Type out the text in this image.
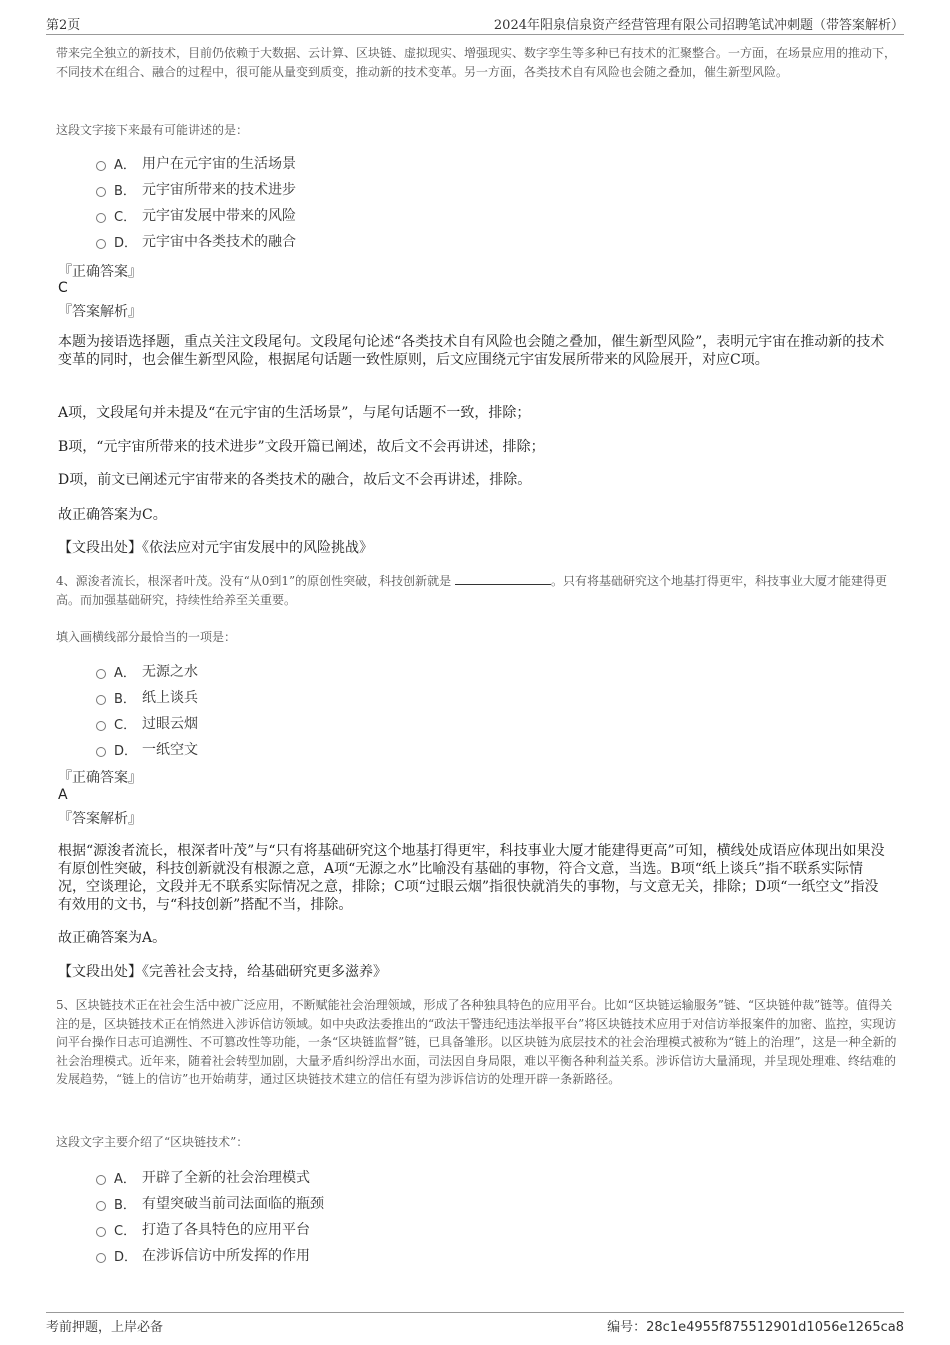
第2页	2024年阳泉信泉资产经营管理有限公司招聘笔试冲刺题（带答案解析）

带来完全独立的新技术，目前仍依赖于大数据、云计算、区块链、虚拟现实、增强现实、数字孪生等多种已有技术的汇聚整合。一方面，在场景应用的推动下，不同技术在组合、融合的过程中，很可能从量变到质变，推动新的技术变革。另一方面，各类技术自有风险也会随之叠加，催生新型风险。

这段文字接下来最有可能讲述的是：

A． 用户在元宇宙的生活场景
B． 元宇宙所带来的技术进步
C． 元宇宙发展中带来的风险
D． 元宇宙中各类技术的融合

『正确答案』

C

『答案解析』

本题为接语选择题，重点关注文段尾句。文段尾句论述“各类技术自有风险也会随之叠加，催生新型风险”，表明元宇宙在推动新的技术变革的同时，也会催生新型风险，根据尾句话题一致性原则，后文应围绕元宇宙发展所带来的风险展开，对应C项。

A项，文段尾句并未提及“在元宇宙的生活场景”，与尾句话题不一致，排除；

B项，“元宇宙所带来的技术进步”文段开篇已阐述，故后文不会再讲述，排除；

D项，前文已阐述元宇宙带来的各类技术的融合，故后文不会再讲述，排除。

故正确答案为C。

【文段出处】《依法应对元宇宙发展中的风险挑战》

4、源浚者流长，根深者叶茂。没有“从0到1”的原创性突破，科技创新就是	。只有将基础研究这个地基打得更牢，科技事业大厦才能建得更高。而加强基础研究，持续性给养至关重要。

填入画横线部分最恰当的一项是：

A． 无源之水
B． 纸上谈兵
C． 过眼云烟
D． 一纸空文

『正确答案』

A

『答案解析』

根据“源浚者流长，根深者叶茂”与“只有将基础研究这个地基打得更牢，科技事业大厦才能建得更高”可知，横线处成语应体现出如果没有原创性突破，科技创新就没有根源之意，A项“无源之水”比喻没有基础的事物，符合文意，当选。B项“纸上谈兵”指不联系实际情况，空谈理论，文段并无不联系实际情况之意，排除；C项“过眼云烟”指很快就消失的事物，与文意无关，排除；D项“一纸空文”指没有效用的文书，与“科技创新”搭配不当，排除。

故正确答案为A。

【文段出处】《完善社会支持，给基础研究更多滋养》

5、区块链技术正在社会生活中被广泛应用，不断赋能社会治理领域，形成了各种独具特色的应用平台。比如“区块链运输服务”链、“区块链仲裁”链等。值得关注的是，区块链技术正在悄然进入涉诉信访领域。如中央政法委推出的“政法干警违纪违法举报平台”将区块链技术应用于对信访举报案件的加密、监控，实现访问平台操作日志可追溯性、不可篡改性等功能，一条“区块链监督”链，已具备雏形。以区块链为底层技术的社会治理模式被称为“链上的治理”，这是一种全新的社会治理模式。近年来，随着社会转型加剧，大量矛盾纠纷浮出水面，司法因自身局限，难以平衡各种利益关系。涉诉信访大量涌现，并呈现处理难、终结难的发展趋势，“链上的信访”也开始萌芽，通过区块链技术建立的信任有望为涉诉信访的处理开辟一条新路径。

这段文字主要介绍了“区块链技术”：

A． 开辟了全新的社会治理模式
B． 有望突破当前司法面临的瓶颈
C． 打造了各具特色的应用平台
D． 在涉诉信访中所发挥的作用
考前押题，上岸必备	编号：28c1e4955f875512901d1056e1265ca8
